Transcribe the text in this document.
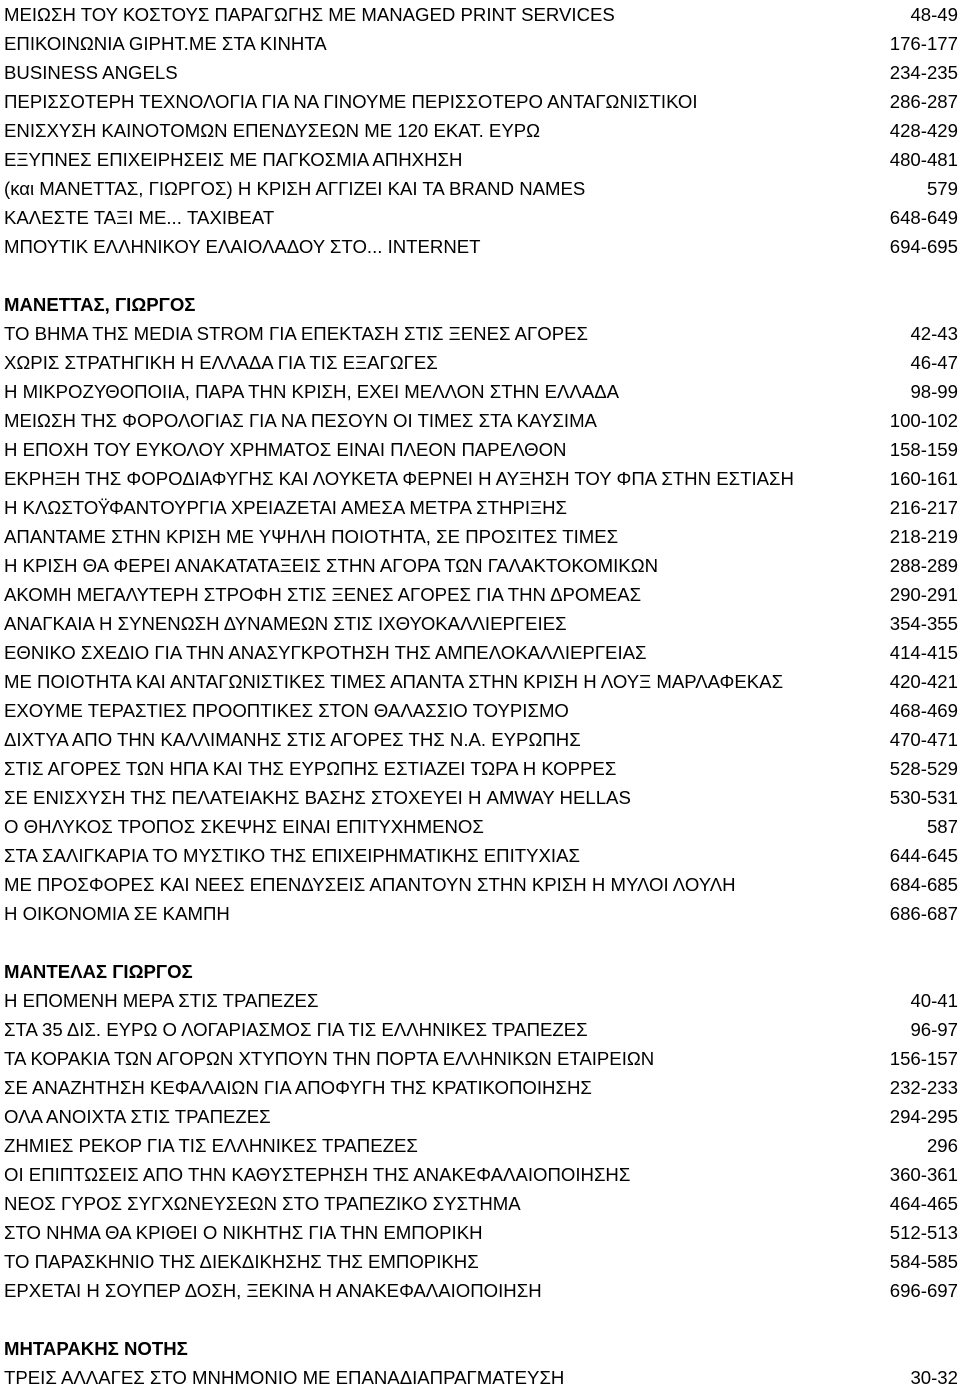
ΜΕΙΩΣΗ ΤΟΥ ΚΟΣΤΟΥΣ ΠΑΡΑΓΩΓΗΣ ΜΕ MANAGED PRINT SERVICES	48-49
ΕΠΙΚΟΙΝΩΝΙΑ GIPHT.ΜΕ ΣΤΑ ΚΙΝΗΤΑ	176-177
BUSINESS ANGELS	234-235
ΠΕΡΙΣΣΟΤΕΡΗ ΤΕΧΝΟΛΟΓΙΑ ΓΙΑ ΝΑ ΓΙΝΟΥΜΕ ΠΕΡΙΣΣΟΤΕΡΟ ΑΝΤΑΓΩΝΙΣΤΙΚΟΙ	286-287
ΕΝΙΣΧΥΣΗ ΚΑΙΝΟΤΟΜΩΝ ΕΠΕΝΔΥΣΕΩΝ ΜΕ 120 ΕΚΑΤ. ΕΥΡΩ	428-429
ΕΞΥΠΝΕΣ ΕΠΙΧΕΙΡΗΣΕΙΣ ΜΕ ΠΑΓΚΟΣΜΙΑ ΑΠΗΧΗΣΗ	480-481
(και ΜΑΝΕΤΤΑΣ, ΓΙΩΡΓΟΣ) Η ΚΡΙΣΗ ΑΓΓΙΖΕΙ ΚΑΙ ΤΑ BRAND NAMES	579
ΚΑΛΕΣΤΕ ΤΑΞΙ ΜΕ... TAXIBEAT	648-649
ΜΠΟΥΤΙΚ ΕΛΛΗΝΙΚΟΥ ΕΛΑΙΟΛΑΔΟΥ ΣΤΟ... INTERNET	694-695
ΜΑΝΕΤΤΑΣ, ΓΙΩΡΓΟΣ
ΤΟ ΒΗΜΑ ΤΗΣ MEDIA STROM ΓΙΑ ΕΠΕΚΤΑΣΗ ΣΤΙΣ ΞΕΝΕΣ ΑΓΟΡΕΣ	42-43
ΧΩΡΙΣ ΣΤΡΑΤΗΓΙΚΗ Η ΕΛΛΑΔΑ ΓΙΑ ΤΙΣ ΕΞΑΓΩΓΕΣ	46-47
Η ΜΙΚΡΟΖΥΘΟΠΟΙΙΑ, ΠΑΡΑ ΤΗΝ ΚΡΙΣΗ, ΕΧΕΙ ΜΕΛΛΟΝ ΣΤΗΝ ΕΛΛΑΔΑ	98-99
ΜΕΙΩΣΗ ΤΗΣ ΦΟΡΟΛΟΓΙΑΣ ΓΙΑ ΝΑ ΠΕΣΟΥΝ ΟΙ ΤΙΜΕΣ ΣΤΑ ΚΑΥΣΙΜΑ	100-102
Η ΕΠΟΧΗ ΤΟΥ ΕΥΚΟΛΟΥ ΧΡΗΜΑΤΟΣ ΕΙΝΑΙ ΠΛΕΟΝ ΠΑΡΕΛΘΟΝ	158-159
ΕΚΡΗΞΗ ΤΗΣ ΦΟΡΟΔΙΑΦΥΓΗΣ ΚΑΙ ΛΟΥΚΕΤΑ ΦΕΡΝΕΙ Η ΑΥΞΗΣΗ ΤΟΥ ΦΠΑ ΣΤΗΝ ΕΣΤΙΑΣΗ	160-161
Η ΚΛΩΣΤΟΫΦΑΝΤΟΥΡΓΙΑ ΧΡΕΙΑΖΕΤΑΙ ΑΜΕΣΑ ΜΕΤΡΑ ΣΤΗΡΙΞΗΣ	216-217
ΑΠΑΝΤΑΜΕ ΣΤΗΝ ΚΡΙΣΗ ΜΕ ΥΨΗΛΗ ΠΟΙΟΤΗΤΑ, ΣΕ ΠΡΟΣΙΤΕΣ ΤΙΜΕΣ	218-219
Η ΚΡΙΣΗ ΘΑ ΦΕΡΕΙ ΑΝΑΚΑΤΑΤΑΞΕΙΣ ΣΤΗΝ ΑΓΟΡΑ ΤΩΝ ΓΑΛΑΚΤΟΚΟΜΙΚΩΝ	288-289
ΑΚΟΜΗ ΜΕΓΑΛΥΤΕΡΗ ΣΤΡΟΦΗ ΣΤΙΣ ΞΕΝΕΣ ΑΓΟΡΕΣ ΓΙΑ ΤΗΝ ΔΡΟΜΕΑΣ	290-291
ΑΝΑΓΚΑΙΑ Η ΣΥΝΕΝΩΣΗ ΔΥΝΑΜΕΩΝ ΣΤΙΣ ΙΧΘΥΟΚΑΛΛΙΕΡΓΕΙΕΣ	354-355
ΕΘΝΙΚΟ ΣΧΕΔΙΟ ΓΙΑ ΤΗΝ ΑΝΑΣΥΓΚΡΟΤΗΣΗ ΤΗΣ ΑΜΠΕΛΟΚΑΛΛΙΕΡΓΕΙΑΣ	414-415
ΜΕ ΠΟΙΟΤΗΤΑ ΚΑΙ ΑΝΤΑΓΩΝΙΣΤΙΚΕΣ ΤΙΜΕΣ ΑΠΑΝΤΑ ΣΤΗΝ ΚΡΙΣΗ Η ΛΟΥΞ ΜΑΡΛΑΦΕΚΑΣ	420-421
ΕΧΟΥΜΕ ΤΕΡΑΣΤΙΕΣ ΠΡΟΟΠΤΙΚΕΣ ΣΤΟΝ ΘΑΛΑΣΣΙΟ ΤΟΥΡΙΣΜΟ	468-469
ΔΙΧΤΥΑ ΑΠΟ ΤΗΝ ΚΑΛΛΙΜΑΝΗΣ ΣΤΙΣ ΑΓΟΡΕΣ ΤΗΣ Ν.Α. ΕΥΡΩΠΗΣ	470-471
ΣΤΙΣ ΑΓΟΡΕΣ ΤΩΝ ΗΠΑ ΚΑΙ ΤΗΣ ΕΥΡΩΠΗΣ ΕΣΤΙΑΖΕΙ ΤΩΡΑ Η ΚΟΡΡΕΣ	528-529
ΣΕ ΕΝΙΣΧΥΣΗ ΤΗΣ ΠΕΛΑΤΕΙΑΚΗΣ ΒΑΣΗΣ ΣΤΟΧΕΥΕΙ Η AMWAY HELLAS	530-531
Ο ΘΗΛΥΚΟΣ ΤΡΟΠΟΣ ΣΚΕΨΗΣ ΕΙΝΑΙ ΕΠΙΤΥΧΗΜΕΝΟΣ	587
ΣΤΑ ΣΑΛΙΓΚΑΡΙΑ ΤΟ ΜΥΣΤΙΚΟ ΤΗΣ ΕΠΙΧΕΙΡΗΜΑΤΙΚΗΣ ΕΠΙΤΥΧΙΑΣ	644-645
ΜΕ ΠΡΟΣΦΟΡΕΣ ΚΑΙ ΝΕΕΣ ΕΠΕΝΔΥΣΕΙΣ ΑΠΑΝΤΟΥΝ ΣΤΗΝ ΚΡΙΣΗ Η ΜΥΛΟΙ ΛΟΥΛΗ	684-685
Η ΟΙΚΟΝΟΜΙΑ ΣΕ ΚΑΜΠΗ	686-687
ΜΑΝΤΕΛΑΣ ΓΙΩΡΓΟΣ
Η ΕΠΟΜΕΝΗ ΜΕΡΑ ΣΤΙΣ ΤΡΑΠΕΖΕΣ	40-41
ΣΤΑ 35 ΔΙΣ. ΕΥΡΩ Ο ΛΟΓΑΡΙΑΣΜΟΣ ΓΙΑ ΤΙΣ ΕΛΛΗΝΙΚΕΣ ΤΡΑΠΕΖΕΣ	96-97
ΤΑ ΚΟΡΑΚΙΑ ΤΩΝ ΑΓΟΡΩΝ ΧΤΥΠΟΥΝ ΤΗΝ ΠΟΡΤΑ ΕΛΛΗΝΙΚΩΝ ΕΤΑΙΡΕΙΩΝ	156-157
ΣΕ ΑΝΑΖΗΤΗΣΗ ΚΕΦΑΛΑΙΩΝ ΓΙΑ ΑΠΟΦΥΓΗ ΤΗΣ ΚΡΑΤΙΚΟΠΟΙΗΣΗΣ	232-233
ΟΛΑ ΑΝΟΙΧΤΑ ΣΤΙΣ ΤΡΑΠΕΖΕΣ	294-295
ΖΗΜΙΕΣ ΡΕΚΟΡ ΓΙΑ ΤΙΣ ΕΛΛΗΝΙΚΕΣ ΤΡΑΠΕΖΕΣ	296
ΟΙ ΕΠΙΠΤΩΣΕΙΣ ΑΠΟ ΤΗΝ ΚΑΘΥΣΤΕΡΗΣΗ ΤΗΣ ΑΝΑΚΕΦΑΛΑΙΟΠΟΙΗΣΗΣ	360-361
ΝΕΟΣ ΓΥΡΟΣ ΣΥΓΧΩΝΕΥΣΕΩΝ ΣΤΟ ΤΡΑΠΕΖΙΚΟ ΣΥΣΤΗΜΑ	464-465
ΣΤΟ ΝΗΜΑ ΘΑ ΚΡΙΘΕΙ Ο ΝΙΚΗΤΗΣ ΓΙΑ ΤΗΝ ΕΜΠΟΡΙΚΗ	512-513
ΤΟ ΠΑΡΑΣΚΗΝΙΟ ΤΗΣ ΔΙΕΚΔΙΚΗΣΗΣ ΤΗΣ ΕΜΠΟΡΙΚΗΣ	584-585
ΕΡΧΕΤΑΙ Η ΣΟΥΠΕΡ ΔΟΣΗ, ΞΕΚΙΝΑ Η ΑΝΑΚΕΦΑΛΑΙΟΠΟΙΗΣΗ	696-697
ΜΗΤΑΡΑΚΗΣ ΝΟΤΗΣ
ΤΡΕΙΣ ΑΛΛΑΓΕΣ ΣΤΟ ΜΝΗΜΟΝΙΟ ΜΕ ΕΠΑΝΑΔΙΑΠΡΑΓΜΑΤΕΥΣΗ	30-32
